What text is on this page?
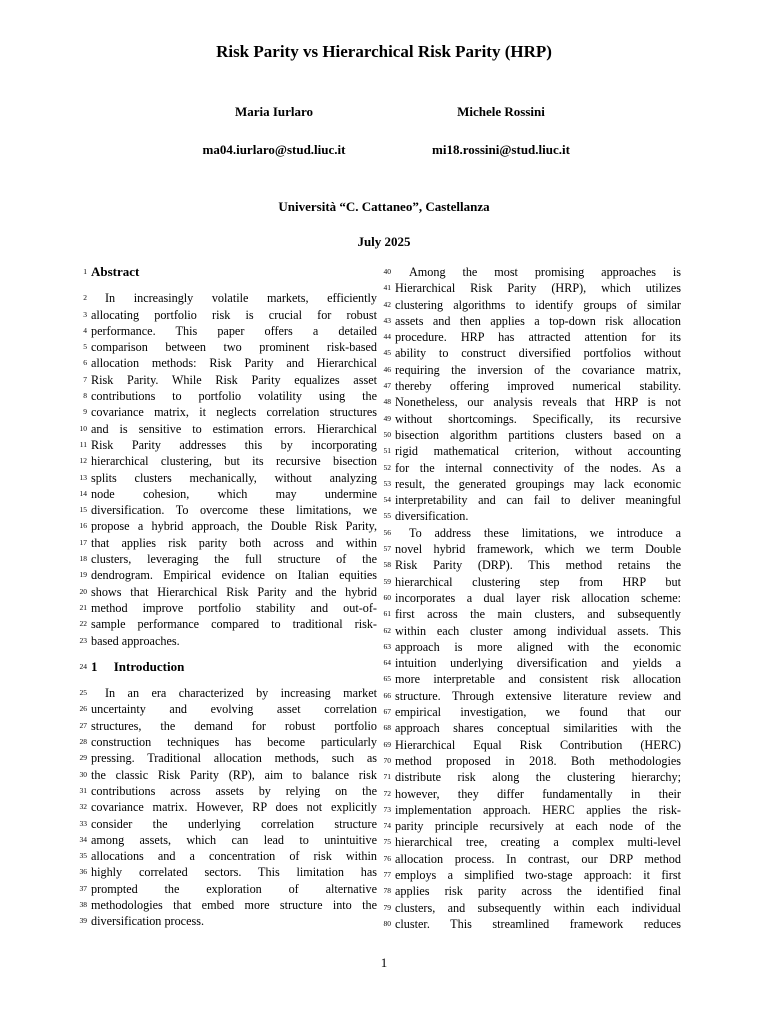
Risk Parity vs Hierarchical Risk Parity (HRP)
Maria Iurlaro	Michele Rossini
ma04.iurlaro@stud.liuc.it	mi18.rossini@stud.liuc.it
Università “C. Cattaneo”, Castellanza
July 2025
1 Abstract
2	In increasingly volatile markets, efficiently
3 allocating portfolio risk is crucial for robust
4 performance. This paper offers a detailed
5 comparison between two prominent risk-based
6 allocation methods: Risk Parity and Hierarchical
7 Risk Parity. While Risk Parity equalizes asset
8 contributions to portfolio volatility using the
9 covariance matrix, it neglects correlation structures
10 and is sensitive to estimation errors. Hierarchical
11 Risk Parity addresses this by incorporating
12 hierarchical clustering, but its recursive bisection
13 splits clusters mechanically, without analyzing
14 node cohesion, which may undermine
15 diversification. To overcome these limitations, we
16 propose a hybrid approach, the Double Risk Parity,
17 that applies risk parity both across and within
18 clusters, leveraging the full structure of the
19 dendrogram. Empirical evidence on Italian equities
20 shows that Hierarchical Risk Parity and the hybrid
21 method improve portfolio stability and out-of-
22 sample performance compared to traditional risk-
23 based approaches.
24 1     Introduction
25	In an era characterized by increasing market
26 uncertainty and evolving asset correlation
27 structures, the demand for robust portfolio
28 construction techniques has become particularly
29 pressing. Traditional allocation methods, such as
30 the classic Risk Parity (RP), aim to balance risk
31 contributions across assets by relying on the
32 covariance matrix. However, RP does not explicitly
33 consider the underlying correlation structure
34 among assets, which can lead to unintuitive
35 allocations and a concentration of risk within
36 highly correlated sectors. This limitation has
37 prompted the exploration of alternative
38 methodologies that embed more structure into the
39 diversification process.
40	Among the most promising approaches is
41 Hierarchical Risk Parity (HRP), which utilizes
42 clustering algorithms to identify groups of similar
43 assets and then applies a top-down risk allocation
44 procedure. HRP has attracted attention for its
45 ability to construct diversified portfolios without
46 requiring the inversion of the covariance matrix,
47 thereby offering improved numerical stability.
48 Nonetheless, our analysis reveals that HRP is not
49 without shortcomings. Specifically, its recursive
50 bisection algorithm partitions clusters based on a
51 rigid mathematical criterion, without accounting
52 for the internal connectivity of the nodes. As a
53 result, the generated groupings may lack economic
54 interpretability and can fail to deliver meaningful
55 diversification.
56	To address these limitations, we introduce a
57 novel hybrid framework, which we term Double
58 Risk Parity (DRP). This method retains the
59 hierarchical clustering step from HRP but
60 incorporates a dual layer risk allocation scheme:
61 first across the main clusters, and subsequently
62 within each cluster among individual assets. This
63 approach is more aligned with the economic
64 intuition underlying diversification and yields a
65 more interpretable and consistent risk allocation
66 structure. Through extensive literature review and
67 empirical investigation, we found that our
68 approach shares conceptual similarities with the
69 Hierarchical Equal Risk Contribution (HERC)
70 method proposed in 2018. Both methodologies
71 distribute risk along the clustering hierarchy;
72 however, they differ fundamentally in their
73 implementation approach. HERC applies the risk-
74 parity principle recursively at each node of the
75 hierarchical tree, creating a complex multi-level
76 allocation process. In contrast, our DRP method
77 employs a simplified two-stage approach: it first
78 applies risk parity across the identified final
79 clusters, and subsequently within each individual
80 cluster. This streamlined framework reduces
1
